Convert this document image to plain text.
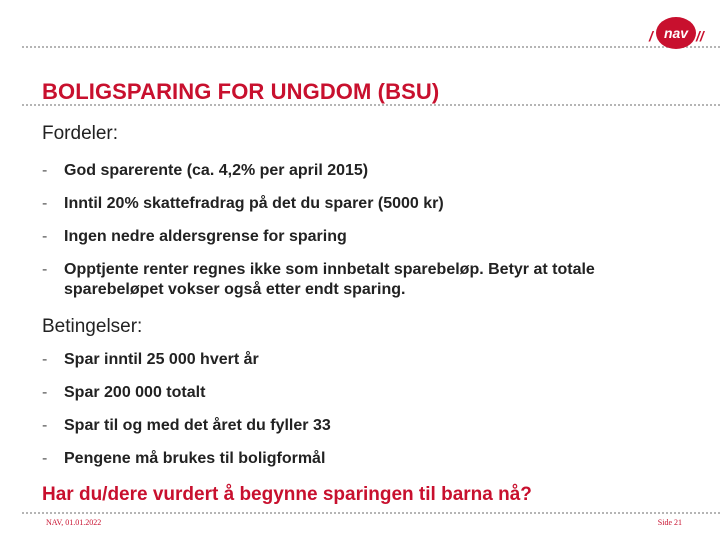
/ nav //
BOLIGSPARING FOR UNGDOM (BSU)
Fordeler:
- God sparerente (ca. 4,2% per april 2015)
- Inntil 20% skattefradrag på det du sparer (5000 kr)
- Ingen nedre aldersgrense for sparing
- Opptjente renter regnes ikke som innbetalt sparebeløp. Betyr at totale sparebeløpet vokser også etter endt sparing.
Betingelser:
- Spar inntil 25 000 hvert år
- Spar 200 000 totalt
- Spar til og med det året du fyller 33
- Pengene må brukes til boligformål
Har du/dere vurdert å begynne sparingen til barna nå?
NAV, 01.01.2022	Side 21
